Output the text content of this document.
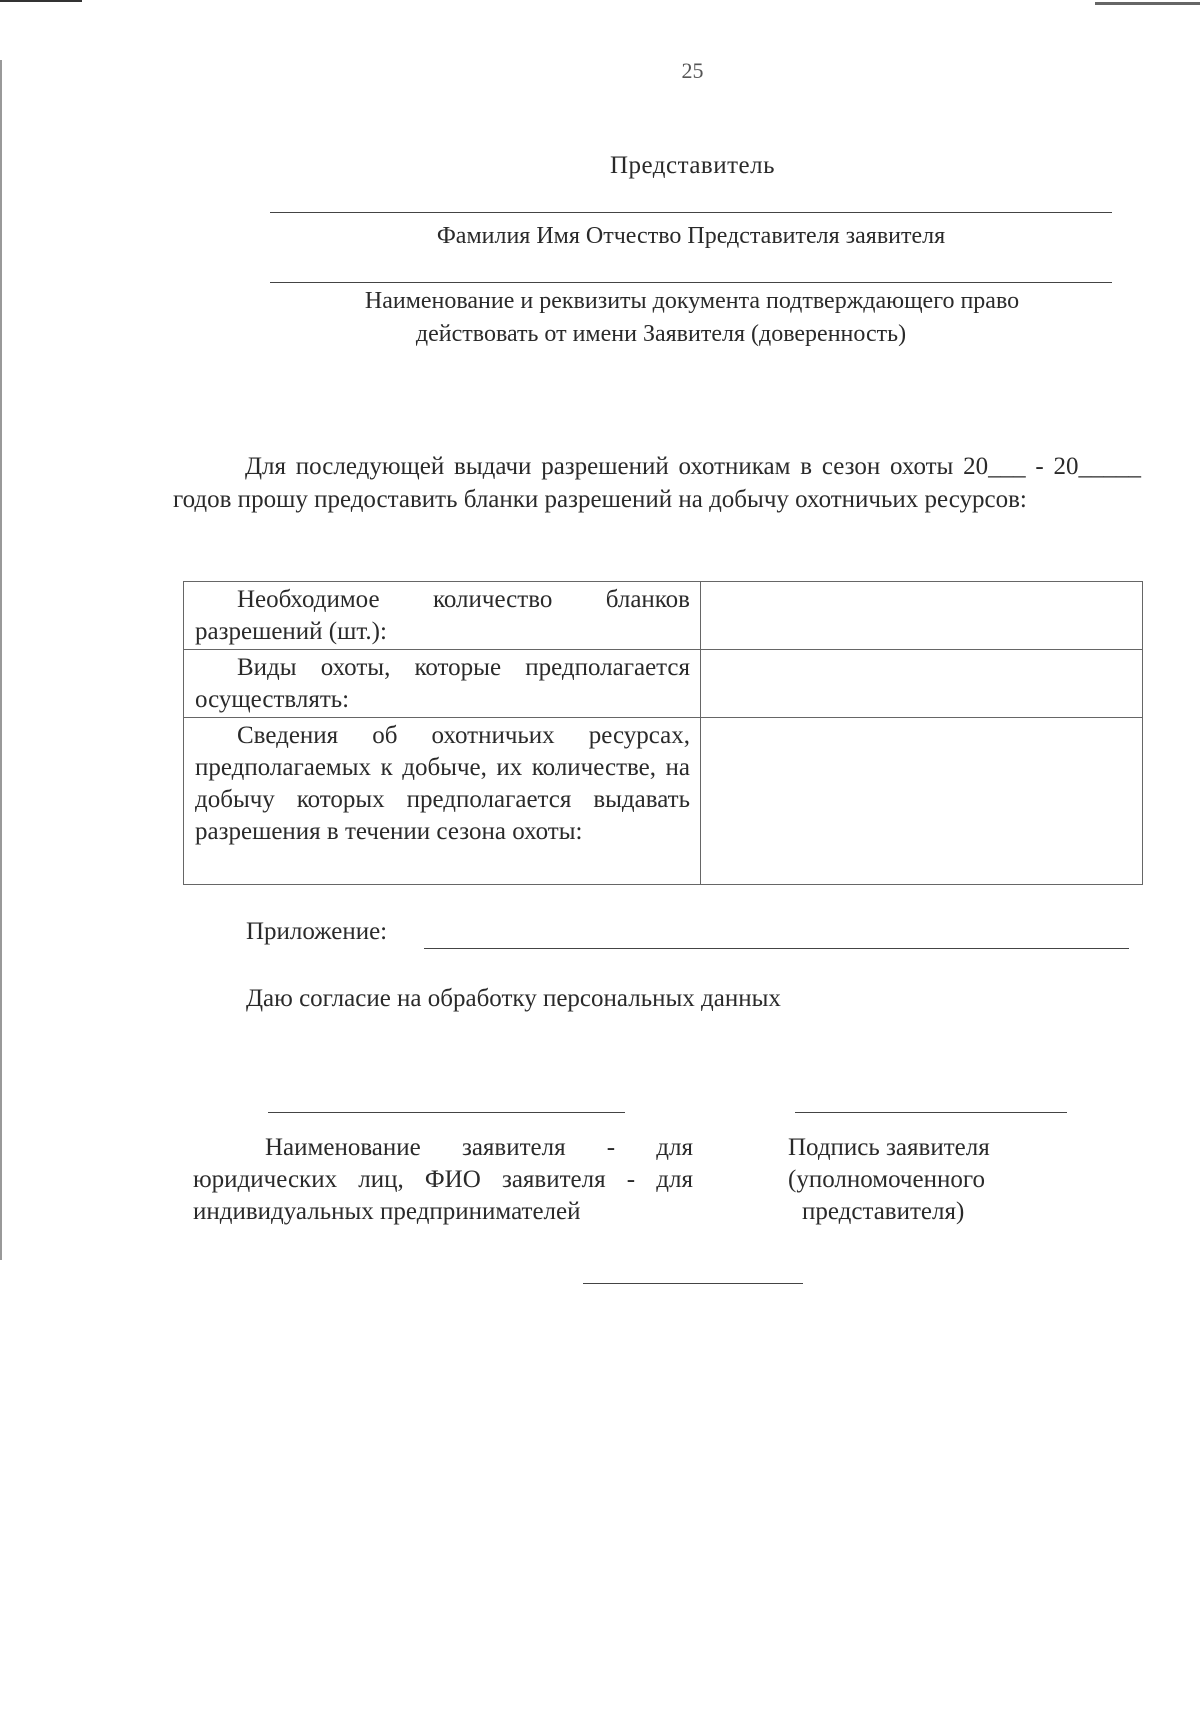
25
Представитель
Фамилия Имя Отчество Представителя заявителя
Наименование и реквизиты документа подтверждающего право
действовать от имени Заявителя (доверенность)
Для последующей выдачи разрешений охотникам в сезон охоты 20___ - 20_____ годов прошу предоставить бланки разрешений на добычу охотничьих ресурсов:
Необходимое количество бланков разрешений (шт.):	

Виды охоты, которые предполагается осуществлять:	

Сведения об охотничьих ресурсах, предполагаемых к добыче, их количестве, на добычу которых предполагается выдавать разрешения в течении сезона охоты:	

Приложение:
Даю согласие на обработку персональных данных
Наименование заявителя - для юридических лиц, ФИО заявителя - для индивидуальных предпринимателей
Подпись заявителя
(уполномоченного
представителя)
